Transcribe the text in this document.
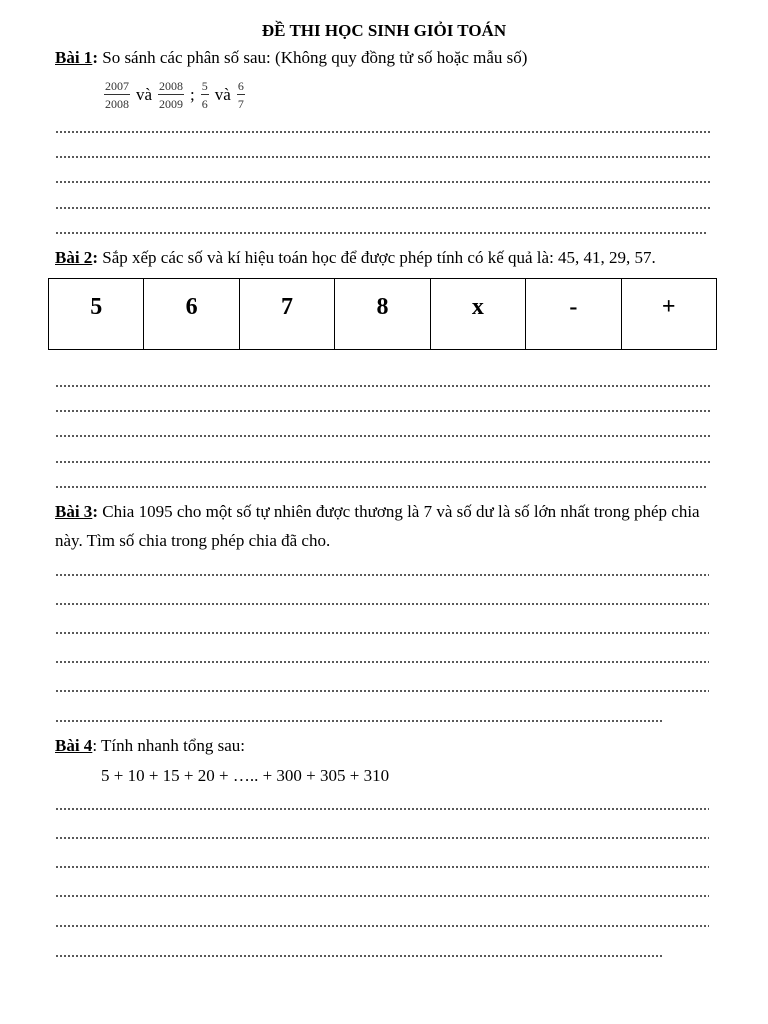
ĐỀ THI HỌC SINH GIỎI TOÁN
Bài 1: So sánh các phân số sau: (Không quy đồng tử số hoặc mẫu số)
$\frac{2007}{2008}$ và $\frac{2008}{2009}$ ; $\frac{5}{6}$ và $\frac{6}{7}$
Bài 2: Sắp xếp các số và kí hiệu toán học để được phép tính có kế quả là: 45, 41, 29, 57.
5	6	7	8	x	-	+
Bài 3: Chia 1095 cho một số tự nhiên được thương là 7 và số dư là số lớn nhất trong phép chia này. Tìm số chia trong phép chia đã cho.
Bài 4: Tính nhanh tổng sau:
5 + 10 + 15 + 20 + ….. + 300 + 305 + 310
